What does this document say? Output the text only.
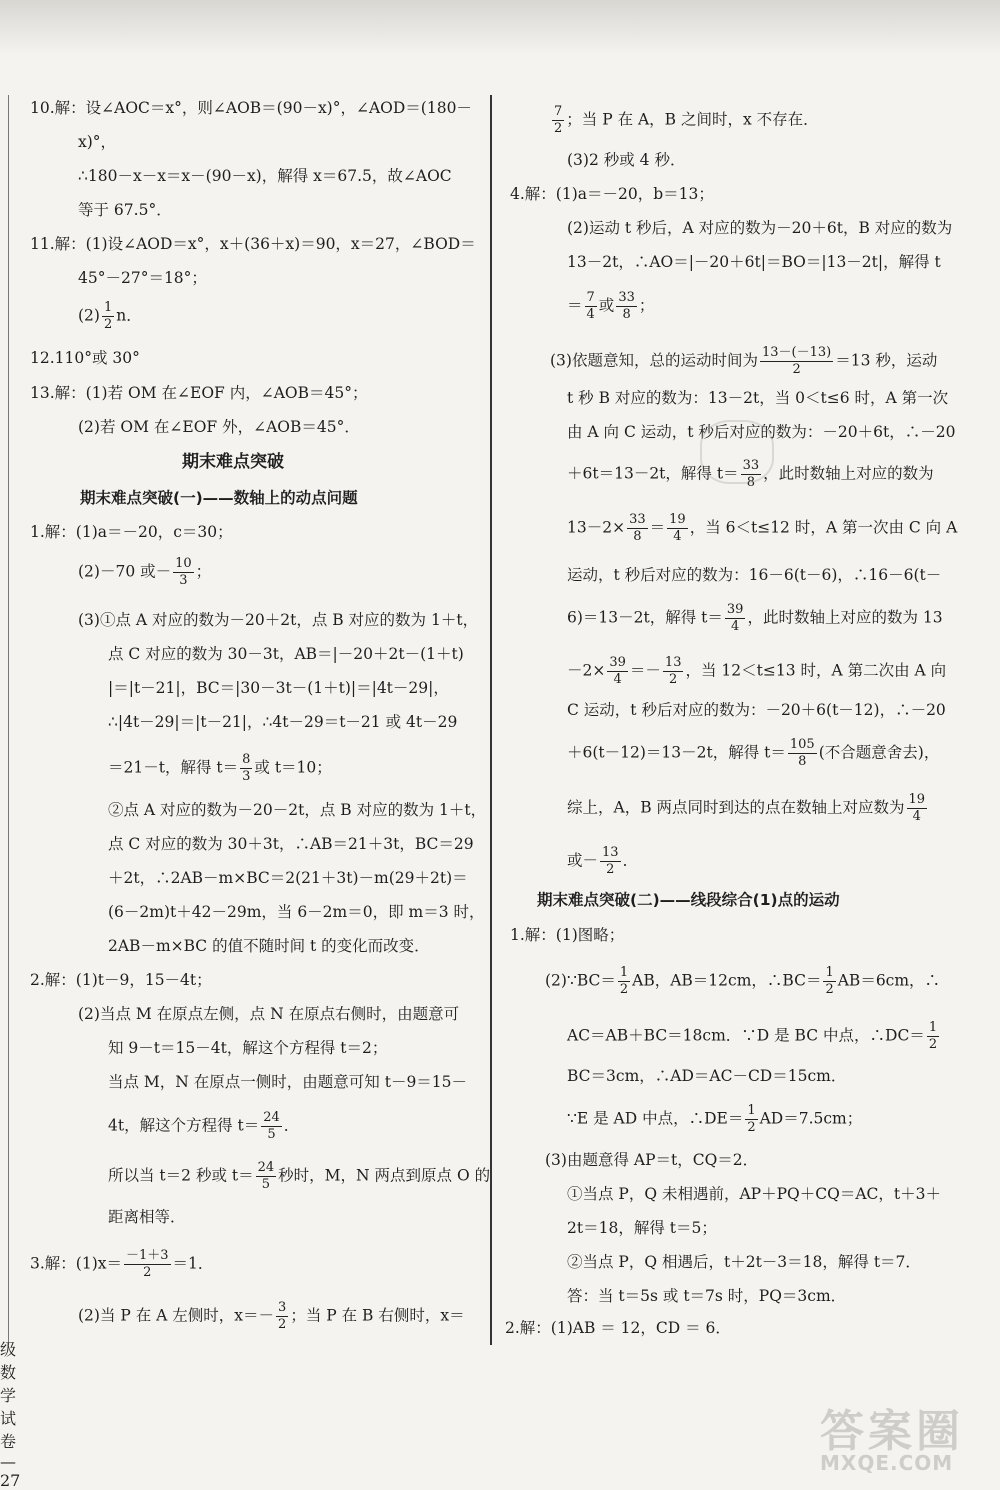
10.解：设∠AOC＝x°，则∠AOB＝(90－x)°，∠AOD＝(180－
x)°，
∴180－x－x＝x－(90－x)，解得 x＝67.5，故∠AOC
等于 67.5°．
11.解：(1)设∠AOD＝x°，x＋(36＋x)＝90，x＝27，∠BOD＝
45°－27°＝18°；
$(2) \frac{1}{2}$ n．
12.110°或 30°
13.解：(1)若 OM 在∠EOF 内，∠AOB＝45°；
(2)若 OM 在∠EOF 外，∠AOB＝45°．
期末难点突破
期末难点突破(一)——数轴上的动点问题
1.解：(1)a＝－20，c＝30；
(2)－70 或－ $\frac{10}{3}$ ；
(3)①点 A 对应的数为－20＋2t，点 B 对应的数为 1＋t，
点 C 对应的数为 30－3t，AB＝|－20＋2t－(1＋t)
|＝|t－21|，BC＝|30－3t－(1＋t)|＝|4t－29|，
∴|4t－29|＝|t－21|，∴4t－29＝t－21 或 4t－29
＝21－t，解得 $t= \frac{8}{3}$ 或 t＝10；
②点 A 对应的数为－20－2t，点 B 对应的数为 1＋t，
点 C 对应的数为 30＋3t，∴AB＝21＋3t，BC＝29
＋2t，∴2AB－m×BC＝2(21＋3t)－m(29＋2t)＝
(6－2m)t＋42－29m，当 6－2m＝0，即 m＝3 时，
2AB－m×BC 的值不随时间 t 的变化而改变．
2.解：(1)t－9，15－4t；
(2)当点 M 在原点左侧，点 N 在原点右侧时，由题意可
知 9－t＝15－4t，解这个方程得 t＝2；
当点 M，N 在原点一侧时，由题意可知 t－9＝15－
4t，解这个方程得 $t= \frac{24}{5}$ ．
所以当 t＝2 秒或 $t= \frac{24}{5}$ 秒时，M，N 两点到原点 O 的
距离相等．
3.解：$(1)x= \frac{-1+3}{2} =1$．
(2)当 P 在 A 左侧时，$x=- \frac{3}{2}$ ；当 P 在 B 右侧时，x＝
级数学试卷— 27
$\frac{7}{2}$ ；当 P 在 A，B 之间时，x 不存在．
(3)2 秒或 4 秒．
4.解：(1)a＝－20，b＝13；
(2)运动 t 秒后，A 对应的数为－20＋6t，B 对应的数为
13－2t，∴AO＝|－20＋6t|＝BO＝|13－2t|，解得 t
＝ $\frac{7}{4}$ 或 $\frac{33}{8}$ ；
(3)依题意知，总的运动时间为 $\frac{13-(-13)}{2} =13$ 秒，运动
t 秒 B 对应的数为：13－2t，当 0＜t≤6 时，A 第一次
由 A 向 C 运动，t 秒后对应的数为：－20＋6t，∴－20
＋6t＝13－2t，解得 $t= \frac{33}{8}$ ，此时数轴上对应的数为
$13-2\times \frac{33}{8} = \frac{19}{4}$ ，当 6＜t≤12 时，A 第一次由 C 向 A
运动，t 秒后对应的数为：16－6(t－6)，∴16－6(t－
6)＝13－2t，解得 $t= \frac{39}{4}$ ，此时数轴上对应的数为 13
$-2\times \frac{39}{4} =- \frac{13}{2}$ ，当 12＜t≤13 时，A 第二次由 A 向
C 运动，t 秒后对应的数为：－20＋6(t－12)，∴－20
＋6(t－12)＝13－2t，解得 $t= \frac{105}{8}$ (不合题意舍去)，
综上，A，B 两点同时到达的点在数轴上对应数为 $\frac{19}{4}$
或－ $\frac{13}{2}$ ．
期末难点突破(二)——线段综合(1)点的运动
1.解：(1)图略；
(2)∵BC＝ $\frac{1}{2}$ AB，AB＝12cm，∴BC＝ $\frac{1}{2} AB=6cm$，∴
AC＝AB＋BC＝18cm．∵D 是 BC 中点，∴DC＝ $\frac{1}{2}$
BC＝3cm，∴AD＝AC－CD＝15cm．
∵E 是 AD 中点，∴DE＝ $\frac{1}{2} AD=7.5cm$；
(3)由题意得 AP＝t，CQ＝2．
①当点 P，Q 未相遇前，AP＋PQ＋CQ＝AC，t＋3＋
2t＝18，解得 t＝5；
②当点 P，Q 相遇后，t＋2t－3＝18，解得 t＝7．
答：当 t＝5s 或 t＝7s 时，PQ＝3cm．
2.解：(1)AB ＝ 12，CD ＝ 6．
答案圈
MXQE.COM
